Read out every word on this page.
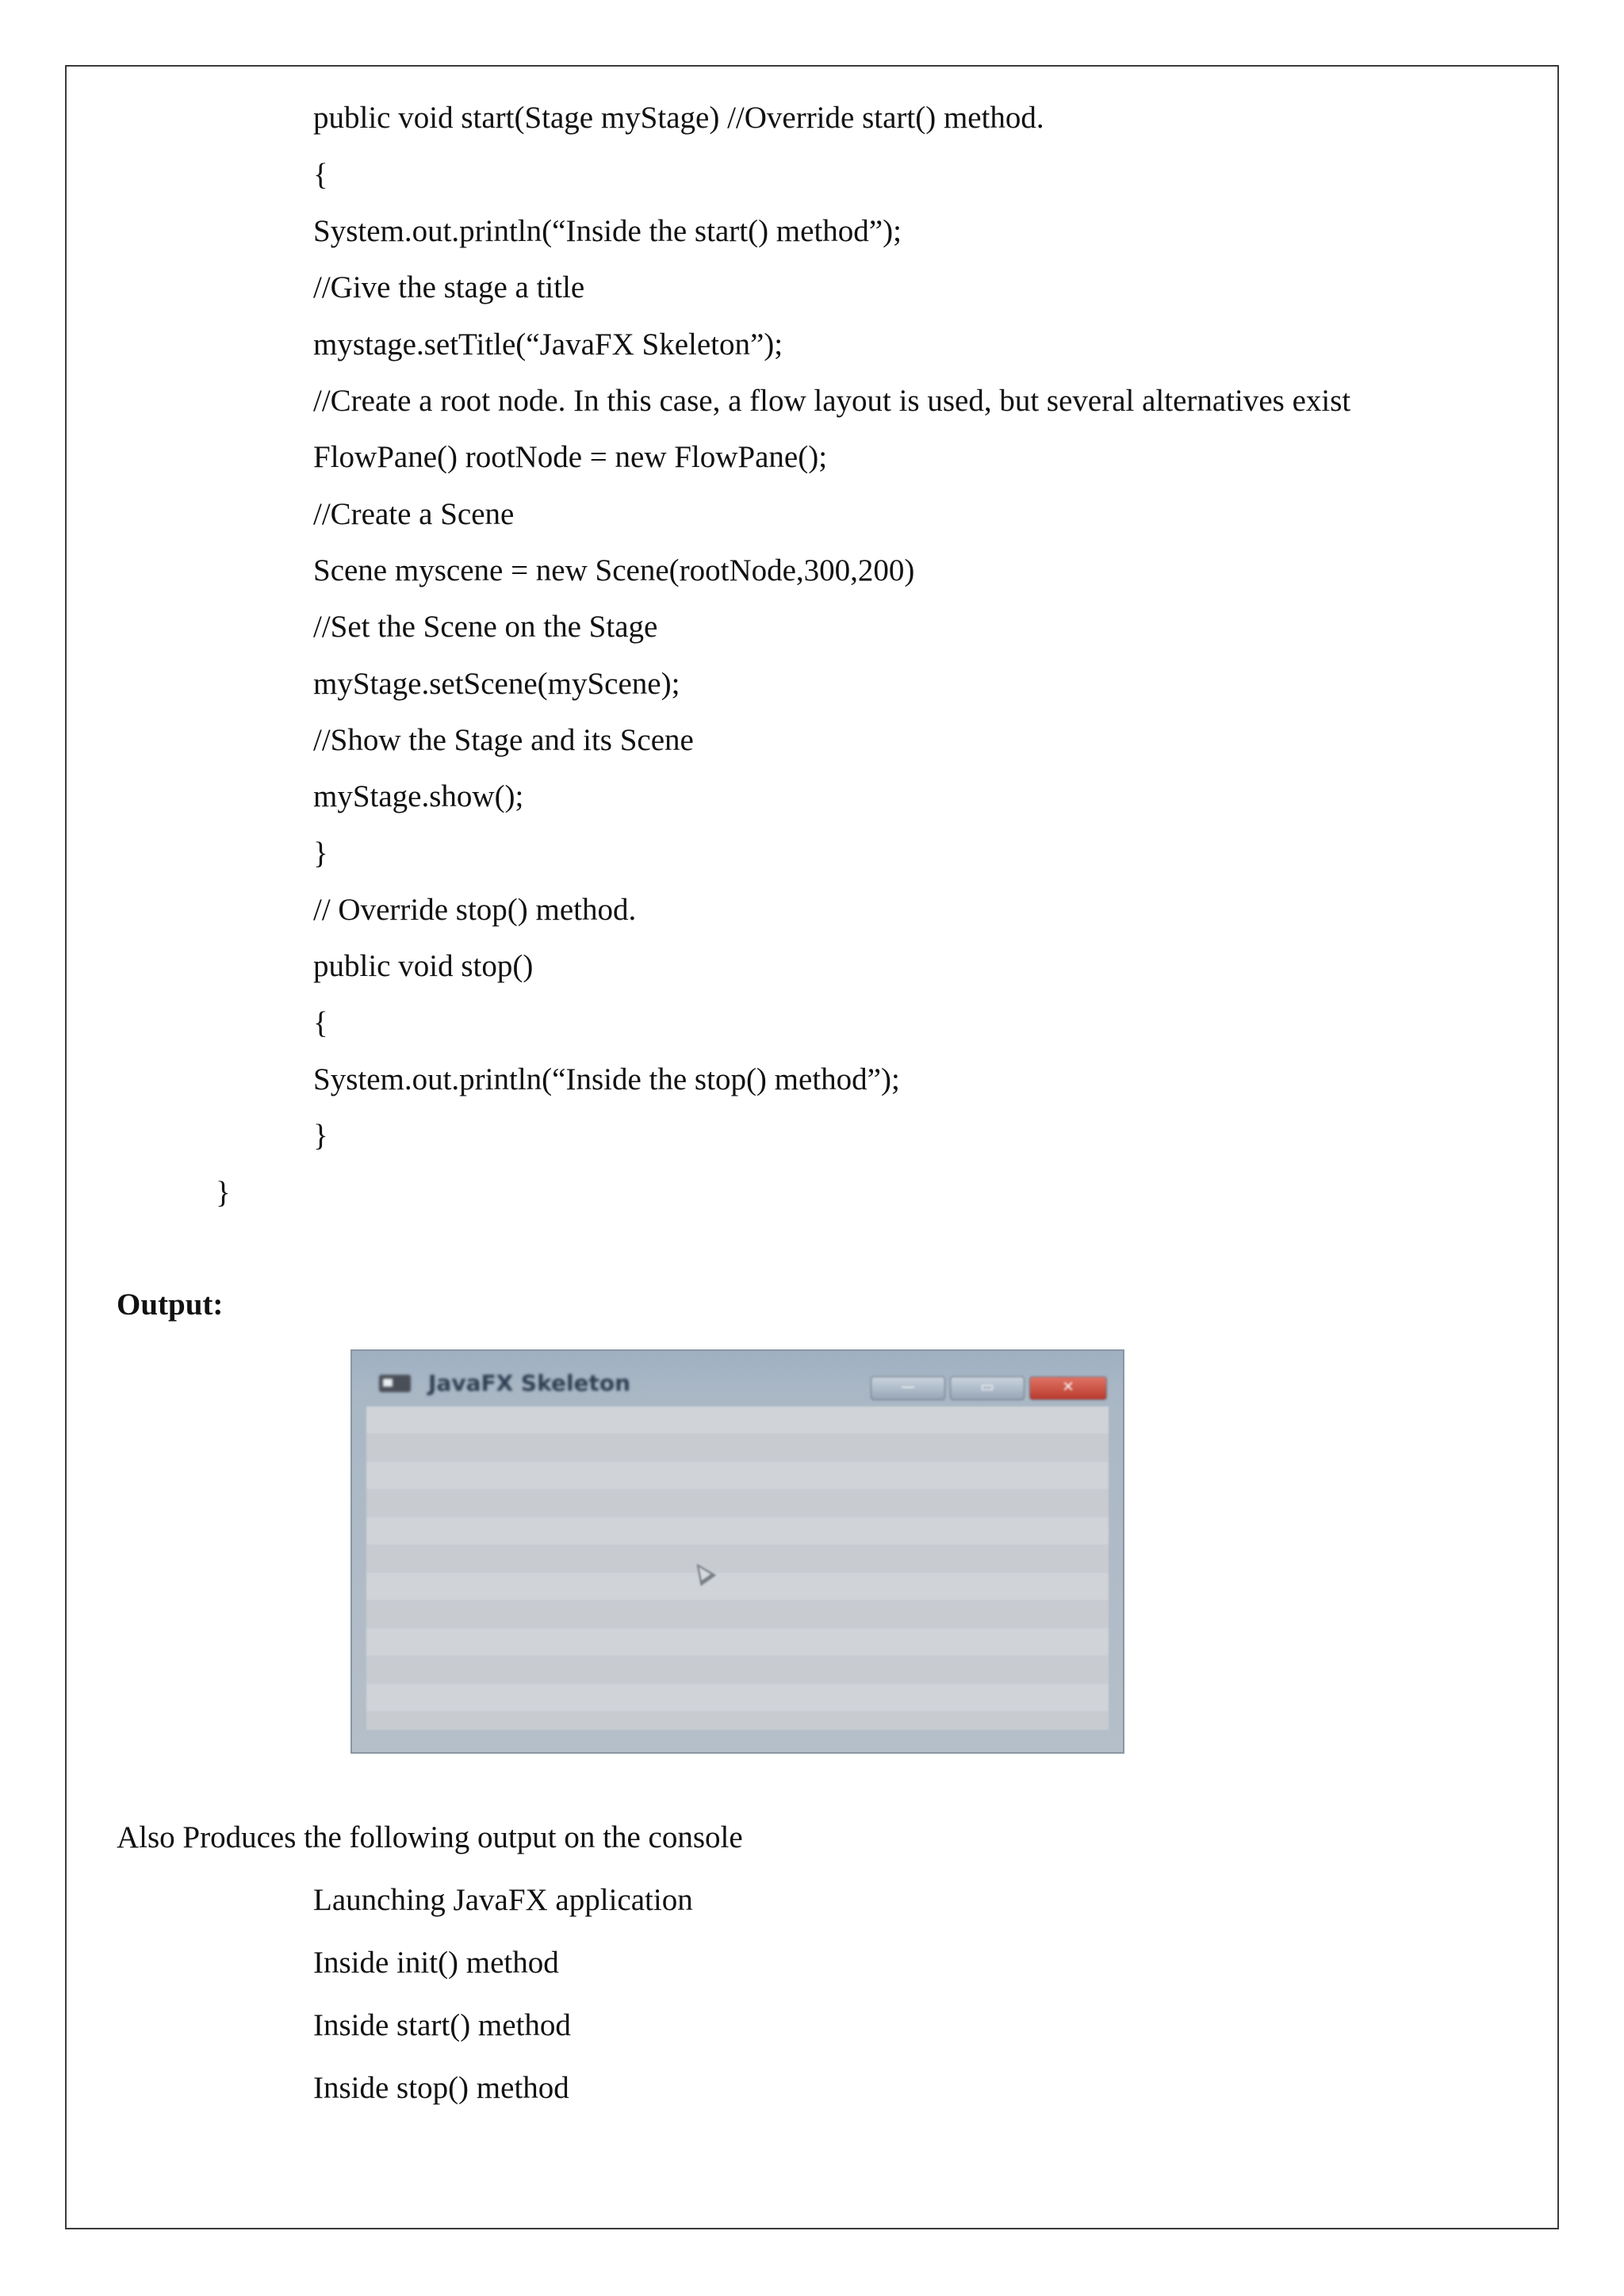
public void start(Stage myStage) //Override start() method.
{
System.out.println(“Inside the start() method”);
//Give the stage a title
mystage.setTitle(“JavaFX Skeleton”);
//Create a root node. In this case, a flow layout is used, but several alternatives exist
FlowPane() rootNode = new FlowPane();
//Create a Scene
Scene myscene = new Scene(rootNode,300,200)
//Set the Scene on the Stage
myStage.setScene(myScene);
//Show the Stage and its Scene
myStage.show();
}
// Override stop() method.
public void stop()
{
System.out.println(“Inside the stop() method”);
}
}
Output:
JavaFX Skeleton	—	▭	✕
Also Produces the following output on the console
Launching JavaFX application
Inside init() method
Inside start() method
Inside stop() method
